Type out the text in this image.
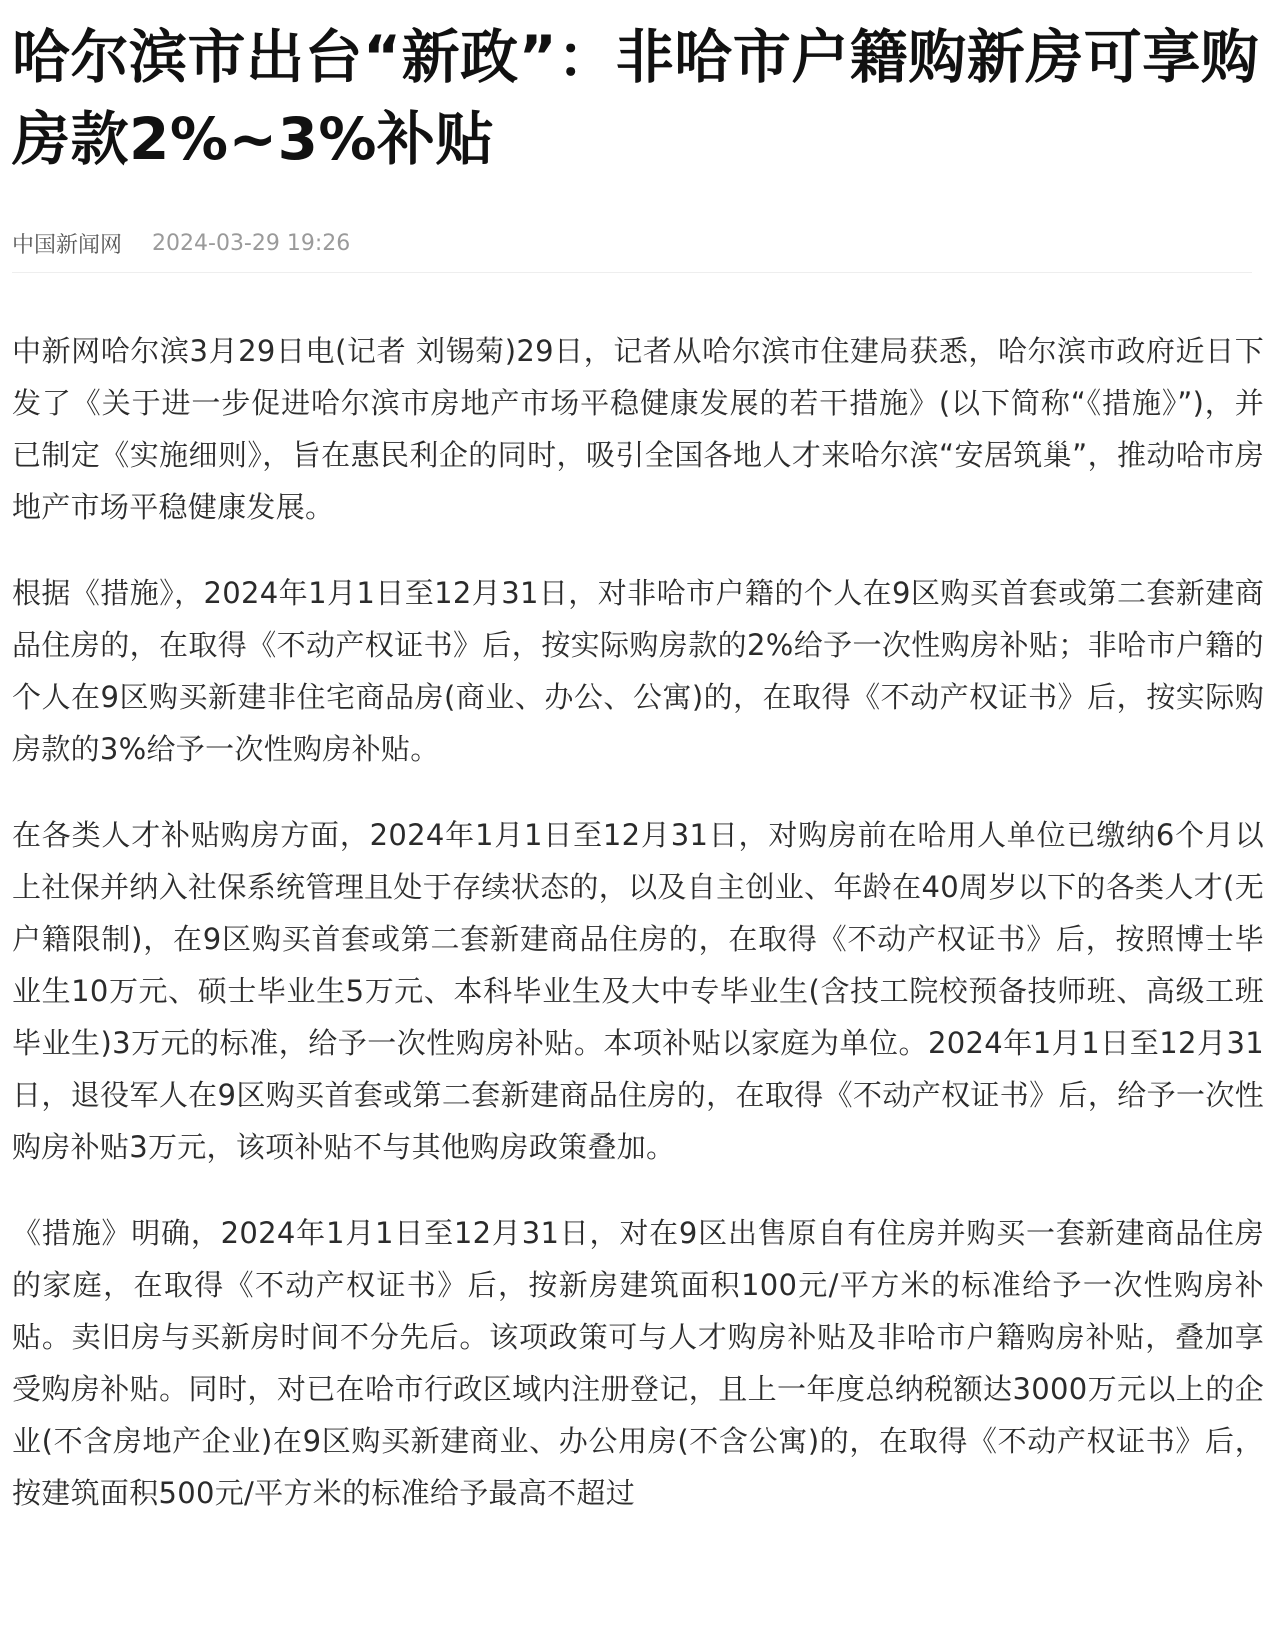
哈尔滨市出台“新政”：非哈市户籍购新房可享购房款2%~3%补贴
中国新闻网 2024-03-29 19:26

中新网哈尔滨3月29日电(记者 刘锡菊)29日，记者从哈尔滨市住建局获悉，哈尔滨市政府近日下发了《关于进一步促进哈尔滨市房地产市场平稳健康发展的若干措施》(以下简称“《措施》”)，并已制定《实施细则》，旨在惠民利企的同时，吸引全国各地人才来哈尔滨“安居筑巢”，推动哈市房地产市场平稳健康发展。

根据《措施》，2024年1月1日至12月31日，对非哈市户籍的个人在9区购买首套或第二套新建商品住房的，在取得《不动产权证书》后，按实际购房款的2%给予一次性购房补贴；非哈市户籍的个人在9区购买新建非住宅商品房(商业、办公、公寓)的，在取得《不动产权证书》后，按实际购房款的3%给予一次性购房补贴。

在各类人才补贴购房方面，2024年1月1日至12月31日，对购房前在哈用人单位已缴纳6个月以上社保并纳入社保系统管理且处于存续状态的，以及自主创业、年龄在40周岁以下的各类人才(无户籍限制)，在9区购买首套或第二套新建商品住房的，在取得《不动产权证书》后，按照博士毕业生10万元、硕士毕业生5万元、本科毕业生及大中专毕业生(含技工院校预备技师班、高级工班毕业生)3万元的标准，给予一次性购房补贴。本项补贴以家庭为单位。2024年1月1日至12月31日，退役军人在9区购买首套或第二套新建商品住房的，在取得《不动产权证书》后，给予一次性购房补贴3万元，该项补贴不与其他购房政策叠加。

《措施》明确，2024年1月1日至12月31日，对在9区出售原自有住房并购买一套新建商品住房的家庭，在取得《不动产权证书》后，按新房建筑面积100元/平方米的标准给予一次性购房补贴。卖旧房与买新房时间不分先后。该项政策可与人才购房补贴及非哈市户籍购房补贴，叠加享受购房补贴。同时，对已在哈市行政区域内注册登记，且上一年度总纳税额达3000万元以上的企业(不含房地产企业)在9区购买新建商业、办公用房(不含公寓)的，在取得《不动产权证书》后，按建筑面积500元/平方米的标准给予最高不超过
